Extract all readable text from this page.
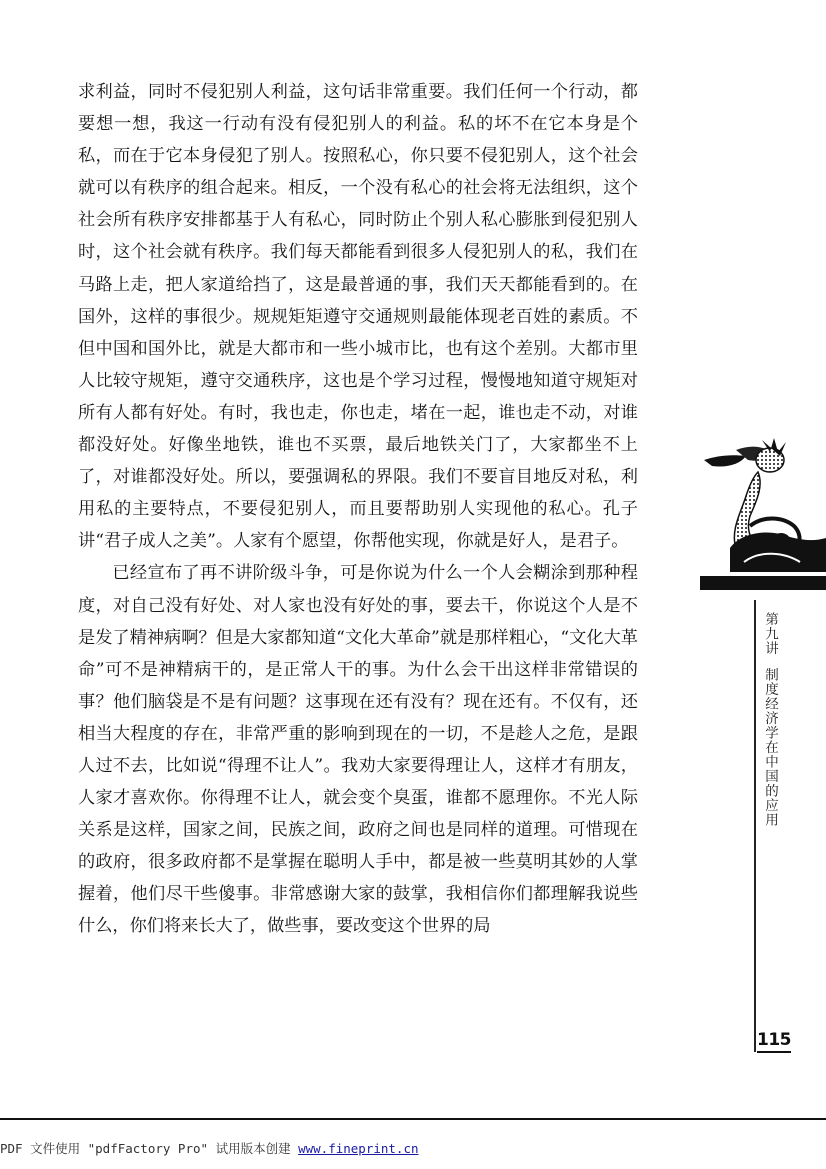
求利益，同时不侵犯别人利益，这句话非常重要。我们任何一个行动，都要想一想，我这一行动有没有侵犯别人的利益。私的坏不在它本身是个私，而在于它本身侵犯了别人。按照私心，你只要不侵犯别人，这个社会就可以有秩序的组合起来。相反，一个没有私心的社会将无法组织，这个社会所有秩序安排都基于人有私心，同时防止个别人私心膨胀到侵犯别人时，这个社会就有秩序。我们每天都能看到很多人侵犯别人的私，我们在马路上走，把人家道给挡了，这是最普通的事，我们天天都能看到的。在国外，这样的事很少。规规矩矩遵守交通规则最能体现老百姓的素质。不但中国和国外比，就是大都市和一些小城市比，也有这个差别。大都市里人比较守规矩，遵守交通秩序，这也是个学习过程，慢慢地知道守规矩对所有人都有好处。有时，我也走，你也走，堵在一起，谁也走不动，对谁都没好处。好像坐地铁，谁也不买票，最后地铁关门了，大家都坐不上了，对谁都没好处。所以，要强调私的界限。我们不要盲目地反对私，利用私的主要特点，不要侵犯别人，而且要帮助别人实现他的私心。孔子讲“君子成人之美”。人家有个愿望，你帮他实现，你就是好人，是君子。

已经宣布了再不讲阶级斗争，可是你说为什么一个人会糊涂到那种程度，对自己没有好处、对人家也没有好处的事，要去干，你说这个人是不是发了精神病啊？但是大家都知道“文化大革命”就是那样粗心，“文化大革命”可不是神精病干的，是正常人干的事。为什么会干出这样非常错误的事？他们脑袋是不是有问题？这事现在还有没有？现在还有。不仅有，还相当大程度的存在，非常严重的影响到现在的一切，不是趁人之危，是跟人过不去，比如说“得理不让人”。我劝大家要得理让人，这样才有朋友，人家才喜欢你。你得理不让人，就会变个臭蛋，谁都不愿理你。不光人际关系是这样，国家之间，民族之间，政府之间也是同样的道理。可惜现在的政府，很多政府都不是掌握在聪明人手中，都是被一些莫明其妙的人掌握着，他们尽干些傻事。非常感谢大家的鼓掌，我相信你们都理解我说些什么，你们将来长大了，做些事，要改变这个世界的局

第九讲制度经济学在中国的应用
115
PDF 文件使用 "pdfFactory Pro" 试用版本创建 www.fineprint.cn
